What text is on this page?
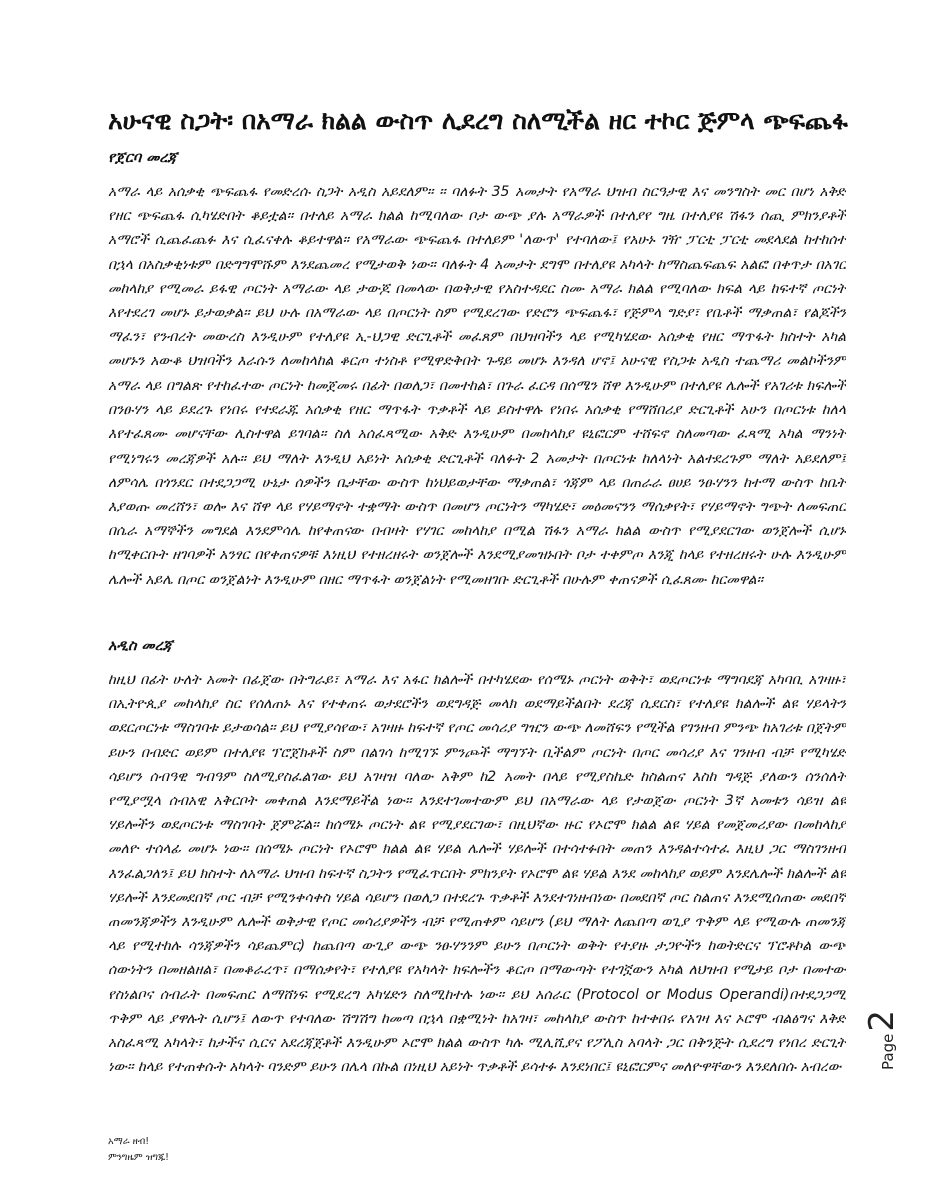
አሁናዊ ስጋት፡ በአማራ ክልል ውስጥ ሊደረግ ስለሚችል ዘር ተኮር ጅምላ ጭፍጨፋ
የጀርባ መረጃ

አማራ ላይ አሰቃቂ ጭፍጨፋ የመድረሱ ስጋት አዲስ አይደለም። ። ባለፉት 35 አመታት የአማራ ህዝብ ስርዓታዊ እና መንግስት መር በሆነ አቅድ የዘር ጭፍጨፋ ሲካሄድበት ቆይቷል። በተለይ አማራ ክልል ከሚባለው ቦታ ውጭ ያሉ አማራዎች በተለያየ ግዜ በተለያዩ ሽፋን ሰጪ ምክንያቶች አማሮች ሲጨፈጨፉ እና ሲፈናቀሉ ቆይተዋል። የአማራው ጭፍጨፋ በተለይም 'ለውጥ' የተባለው፤ የአሁኑ ገዥ ፓርቲ ፓርቲ መደላደል ከተከሰተ በኋላ በአስቃቂነቱም በድግግሞሹም እንደጨመረ የሚታወቅ ነው። ባለፉት 4 አመታት ደግሞ በተለያዩ አካላት ከማስጨፍጨፍ አልፎ በቀጥታ በአገር መከላከያ የሚመራ ይፋዊ ጦርነት አማራው ላይ ታውጆ በመላው በወቅታዊ የአስተዳደር ስሙ አማራ ክልል የሚባለው ክፍል ላይ ከፍተኛ ጦርነት እየተደረገ መሆኑ ይታወቃል። ይህ ሁሉ በአማራው ላይ በጦርነት ስም የሚደረገው የድሮን ጭፍጨፋ፣ የጅምላ ግድያ፣ የቤቶች ማቃጠል፣ የልጆችን ማፈን፣ የንብረት መውረስ እንዲሁም የተለያዩ ኢ-ህጋዊ ድርጊቶች መፈጸም በህዝባችን ላይ የሚካሄደው አሰቃቂ የዘር ማጥፋት ክስተት አካል መሆኑን አውቆ ህዝባችን እራሱን ለመከላከል ቆርጦ ተነስቶ የሚዋድቅበት ጉዳይ መሆኑ እንዳለ ሆኖ፤ አሁናዊ የስጋቱ አዲስ ተጨማሪ መልኮችንም

አማራ ላይ በግልጽ የተከፈተው ጦርነት ከመጀመሩ በፊት በወለጋ፣ በመተከል፣ በጉራ ፈርዳ በሰሜን ሸዋ እንዲሁም በተለያዩ ሌሎች የአገሪቱ ክፍሎች በንፁሃን ላይ ይደረጉ የነበሩ የተደራጁ አሰቃቂ የዘር ማጥፋት ጥቃቶች ላይ ይስተዋሉ የነበሩ አሰቃቂ የማሸበሪያ ድርጊቶች አሁን በጦርነቱ ከለላ እየተፈጸሙ መሆናቸው ሊስተዋል ይገባል። ስለ አሰፈጻሚው አቅድ እንዲሁም በመከላከያ ዩኒፎርም ተሸፍኖ ስለመጣው ፈጻሚ አካል ማንነት የሚነግሩን መረጃዎች አሉ። ይህ ማለት እንዲህ አይነት አሰቃቂ ድርጊቶች ባለፉት 2 አመታት በጦርነቱ ከለላነት አልተደረጉም ማለት አይደለም፤ ለምሳሌ በጎንደር በተደጋጋሚ ሁኔታ ሰዎችን ቤታቸው ውስጥ ከነህይወታቸው ማቃጠል፣ ጎጃም ላይ በጠራራ ፀሀይ ንፁሃንን ከተማ ውስጥ ከቤት እያወጡ መረሸን፣ ወሎ እና ሸዋ ላይ የሃይማኖት ተቋማት ውስጥ በመሆን ጦርነትን ማካሄድ፣ መዕመናንን ማሰቃየት፣ የሃይማኖት ግጭት ለመፍጠር በሴራ አማኞችን መግደል እንደምሳሌ ከየቀጠናው በብዛት የሃገር መከላከያ በሚል ሽፋን አማራ ክልል ውስጥ የሚያደርገው ወንጀሎች ሲሆኑ ከሚቀርቡት ዘገባዎች አንፃር በየቀጠናዎቹ እነዚህ የተዘረዘሩት ወንጀሎች እንደሚያመዝኑበት ቦታ ተቀምጦ እንጂ ከላይ የተዘረዘሩት ሁሉ እንዲሁም ሌሎች አይሌ በጦር ወንጀልነት እንዲሁም በዘር ማጥፋት ወንጀልነት የሚመዘገቡ ድርጊቶች በሁሉም ቀጠናዎች ሲፈጸሙ ከርመዋል።

አዲስ መረጃ

ከዚህ በፊት ሁለት አመት በፊጀው በትግራይ፣ አማራ እና አፋር ክልሎች በተካሄደው የሰሜኑ ጦርነት ወቅት፣ ወደጦርነቱ ማግባደጃ አካባቢ አገዛዙ፣ በኢትዮጲያ መከላከያ ስር የሰለጠኑ እና የተቀጠሩ ወታደሮችን ወደግዳጅ መላክ ወደማይችልበት ደረጃ ሲደርስ፣ የተለያዩ ክልሎች ልዩ ሃይላትን ወደርጦርነቱ ማስገባቱ ይታወሳል። ይህ የሚያሳየው፣ አገዛዙ ከፍተኛ የጦር መሳሪያ ግዢን ውጭ ለመሸፍን የሚችል የገንዘብ ምንጭ ከአገሪቱ በጀትም ይሁን በብድር ወይም በተለያዩ ፕሮጀክቶች ስም በልገሳ ከሚገኙ ምንጮች ማግኘት ቢችልም ጦርነት በጦር መሳሪያ እና ገንዘብ ብቻ የሚካሄድ ሳይሆን ሰብዓዊ ግብዓም ስለሚያስፈልገው ይህ አገዛዝ ባለው አቅም ከ2 አመት በላይ የሚያስኬድ ከስልጠና እስከ ግዳጅ ያለውን ሰንሰለት የሚያሟላ ሰብአዊ አቅርቦት መቀጠል እንደማይችል ነው። እንደተገመተውም ይህ በአማራው ላይ የታወጀው ጦርነት 3ኛ አመቱን ሳይዝ ልዩ ሃይሎችን ወደጦርነቱ ማስገባት ጀምሯል። ከሰሜኑ ጦርነት ልዩ የሚያደርገው፣ በዚህኛው ዙር የኦሮሞ ክልል ልዩ ሃይል የመጀመሪያው በመከላከያ መለዮ ተሰላፊ መሆኑ ነው። በሰሜኑ ጦርነት የኦሮሞ ክልል ልዩ ሃይል ሌሎች ሃይሎች በተሳተፉበት መጠን እንዳልተሳተፈ እዚህ ጋር ማስገንዘብ እንፈልጋለን፤ ይህ ክስተት ለአማራ ህዝብ ከፍተኛ ስጋትን የሚፈጥርበት ምክንያት የኦሮሞ ልዩ ሃይል እንደ መከላከያ ወይም እንደሌሎች ክልሎች ልዩ ሃይሎች እንደመደበኛ ጦር ብቻ የሚንቀሳቀስ ሃይል ሳይሆን በወለጋ በተደረጉ ጥቃቶች እንደተገነዘብነው በመደበኛ ጦር ስልጠና እንደሚሰጠው መደበኛ ጠመንጃዎችን እንዲሁም ሌሎች ወቅታዊ የጦር መሳሪያዎችን ብቻ የሚጠቀም ሳይሆን (ይህ ማለት ለጨበጣ ወጊያ ጥቅም ላይ የሚውሉ ጠመንጃ ላይ የሚተከሉ ሳንጃዎችን ሳይጨምር) ከጨበጣ ውጊያ ውጭ ንፁሃንንም ይሁን በጦርነት ወቅት የተያዙ ታጋዮችን ከወትድርና ፕሮቶኮል ውጭ ሰውነትን በመዘልዘል፣ በመቆራረጥ፣ በማሰቃየት፣ የተለያዩ የአካላት ክፍሎችን ቆርጦ በማውጣት የተገኟውን አካል ለህዝብ የሚታይ ቦታ በመተው የስነልቦና ሰብራት በመፍጠር ለማሸነፍ የሚደረግ አካሄድን ስለሚከተሉ ነው። ይህ አሰራር (Protocol or Modus Operandi)በተደጋጋሚ ጥቅም ላይ ያዋሉት ሲሆን፤ ለውጥ የተባለው ሽግሽግ ከመጣ በኋላ በቋሚነት ከአገዛ፣ መከላከያ ውስጥ ከተቀበሩ የአገዛ እና ኦሮሞ ብልፅግና እቅድ አስፈጻሚ አካላት፣ ከታችና ሲርና አደረጃጀቶች እንዲሁም ኦሮሞ ክልል ውስጥ ካሉ ሚሊሺያና የፖሊስ አባላት ጋር በቅንጅት ሲደረግ የነበረ ድርጊት ነው። ከላይ የተጠቀሱት አካላት ባንድም ይሁን በሌላ በኩል በነዚህ አይነት ጥቃቶች ይሳተፉ እንደነበር፤ ዩኒፎርምና መለዮዋቸውን እንደለበሱ አብረው	Page
2
አማራ ዘብ!
ምንግዜም ዝግጁ!
